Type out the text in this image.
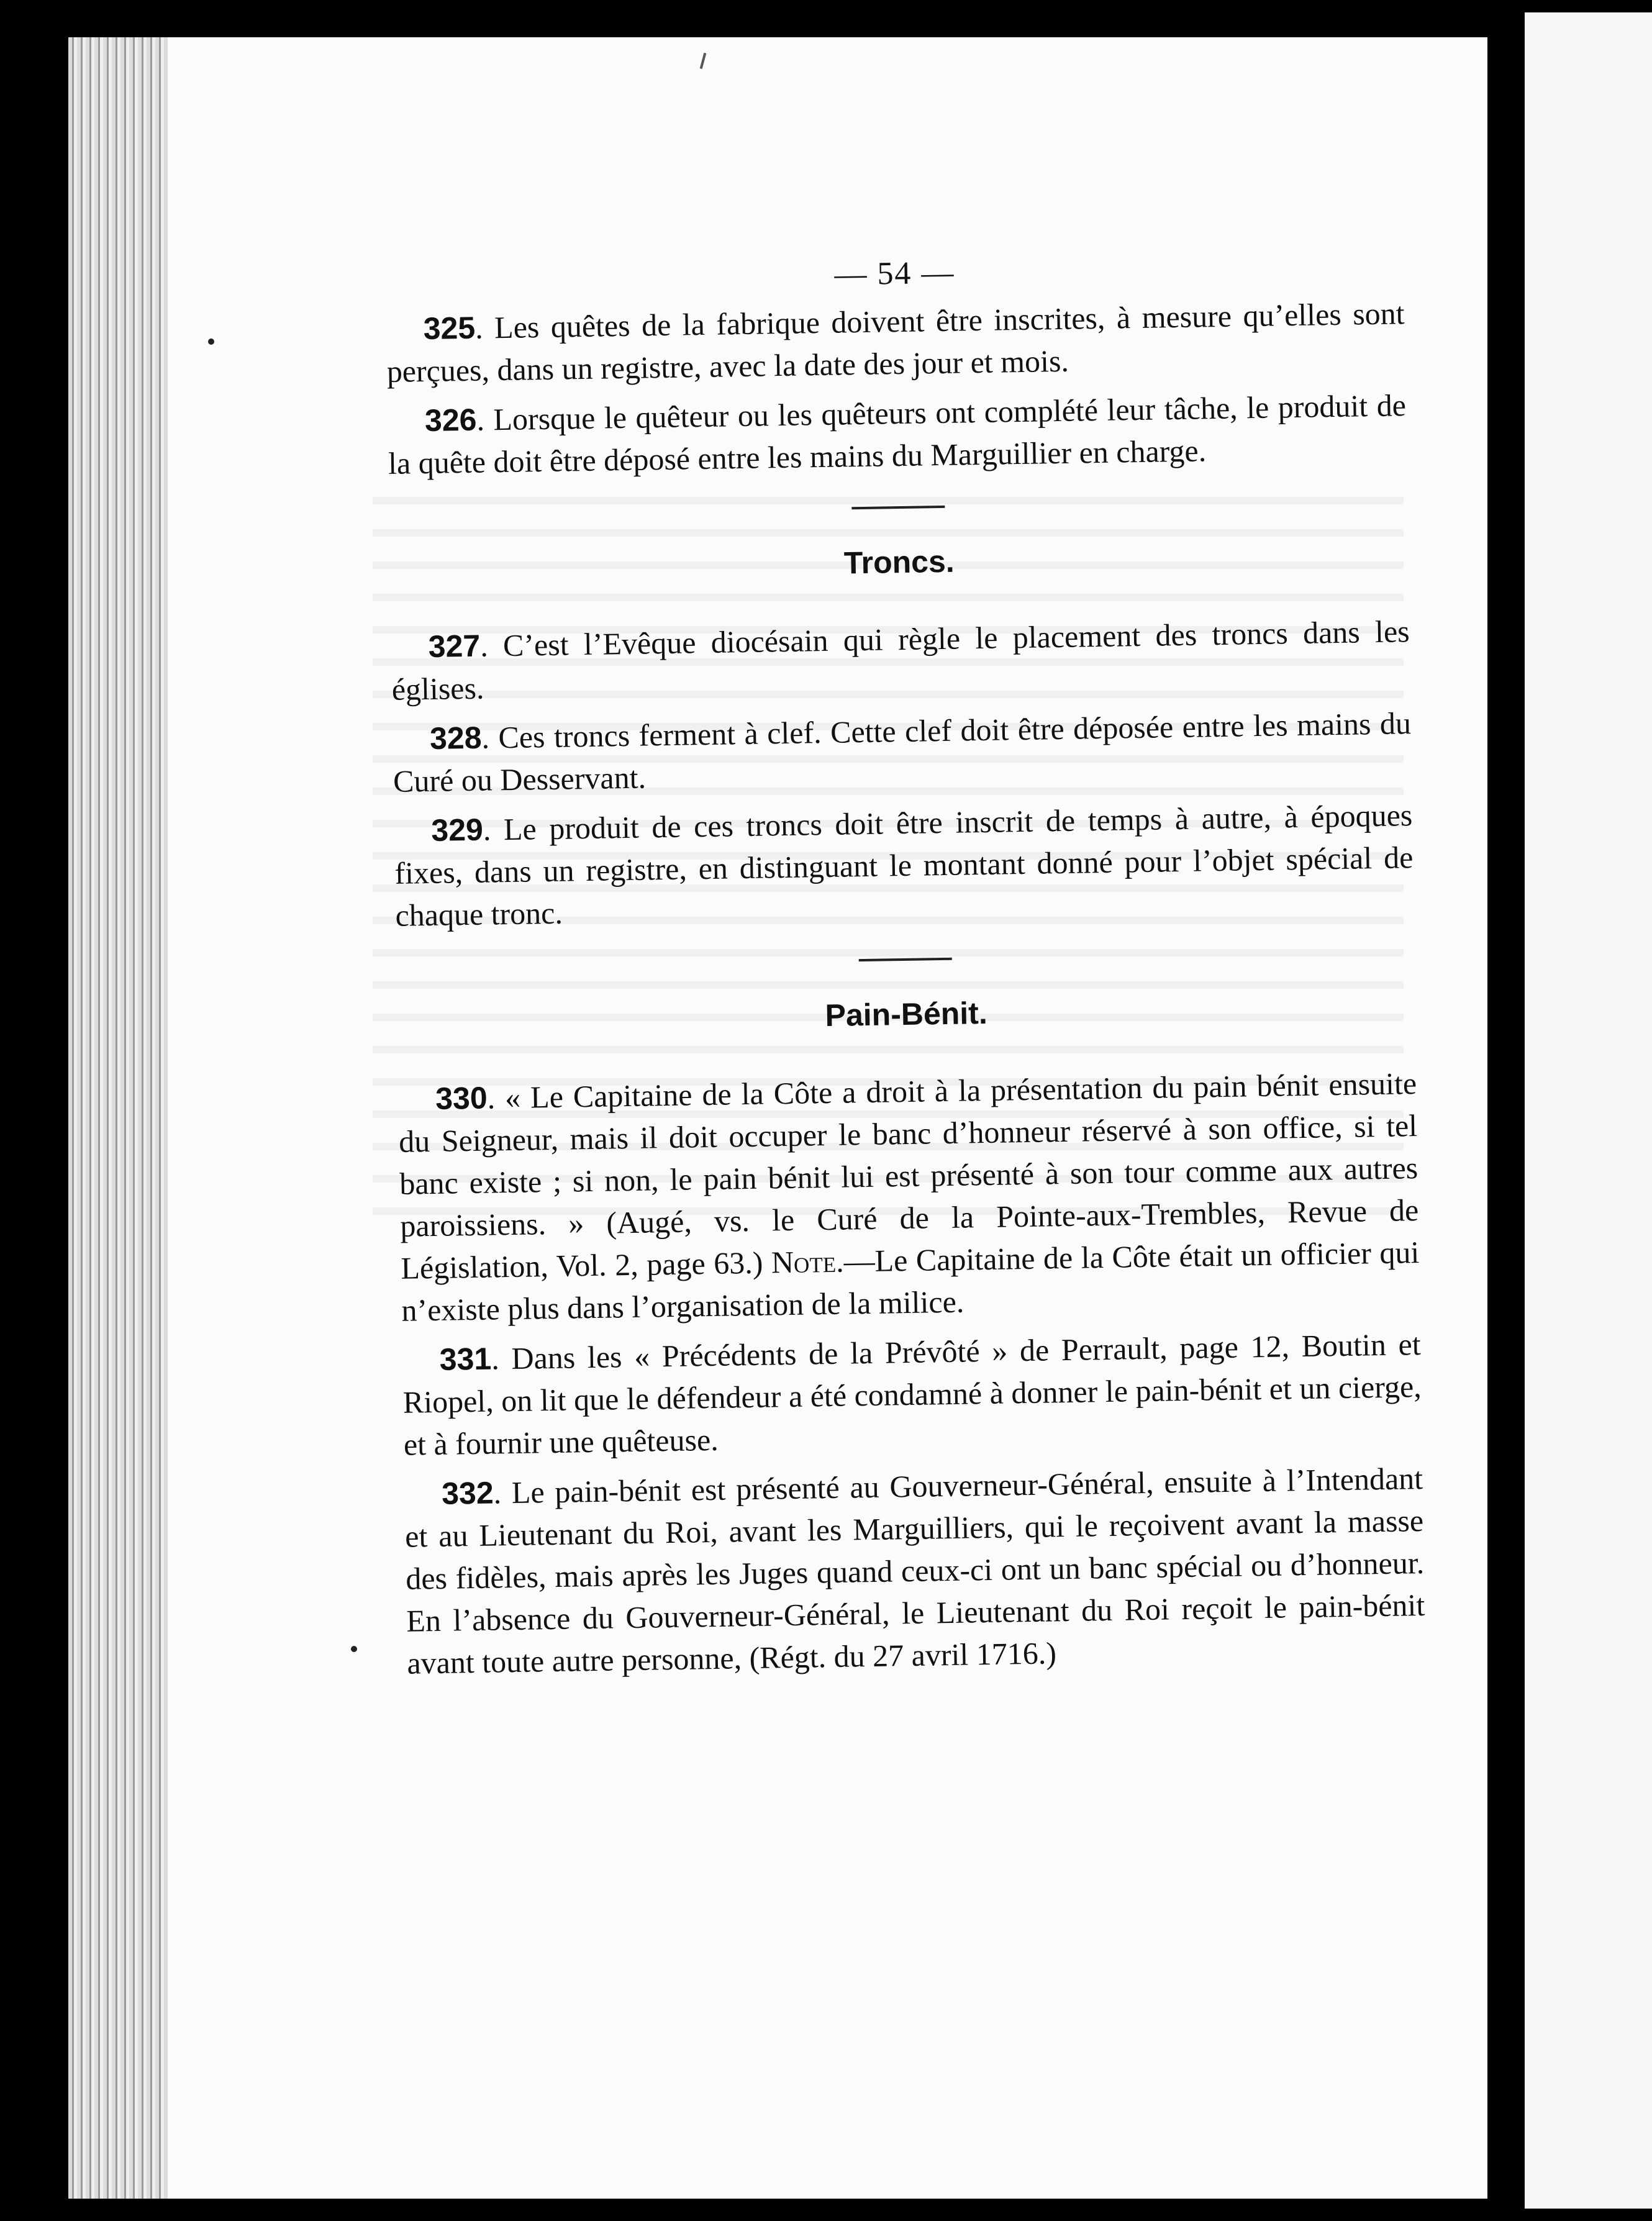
— 54 —

325. Les quêtes de la fabrique doivent être inscrites, à mesure qu’elles sont perçues, dans un registre, avec la date des jour et mois.

326. Lorsque le quêteur ou les quêteurs ont complété leur tâche, le produit de la quête doit être déposé entre les mains du Marguillier en charge.

Troncs.

327. C’est l’Evêque diocésain qui règle le placement des troncs dans les églises.

328. Ces troncs ferment à clef. Cette clef doit être déposée entre les mains du Curé ou Desservant.

329. Le produit de ces troncs doit être inscrit de temps à autre, à époques fixes, dans un registre, en distinguant le montant donné pour l’objet spécial de chaque tronc.

Pain-Bénit.

330. « Le Capitaine de la Côte a droit à la présentation du pain bénit ensuite du Seigneur, mais il doit occuper le banc d’honneur réservé à son office, si tel banc existe ; si non, le pain bénit lui est présenté à son tour comme aux autres paroissiens. » (Augé, vs. le Curé de la Pointe-aux-Trembles, Revue de Législation, Vol. 2, page 63.) Note.—Le Capitaine de la Côte était un officier qui n’existe plus dans l’organisation de la milice.

331. Dans les « Précédents de la Prévôté » de Perrault, page 12, Boutin et Riopel, on lit que le défendeur a été condamné à donner le pain-bénit et un cierge, et à fournir une quêteuse.

332. Le pain-bénit est présenté au Gouverneur-Général, ensuite à l’Intendant et au Lieutenant du Roi, avant les Marguilliers, qui le reçoivent avant la masse des fidèles, mais après les Juges quand ceux-ci ont un banc spécial ou d’honneur. En l’absence du Gouverneur-Général, le Lieutenant du Roi reçoit le pain-bénit avant toute autre personne, (Régt. du 27 avril 1716.)
